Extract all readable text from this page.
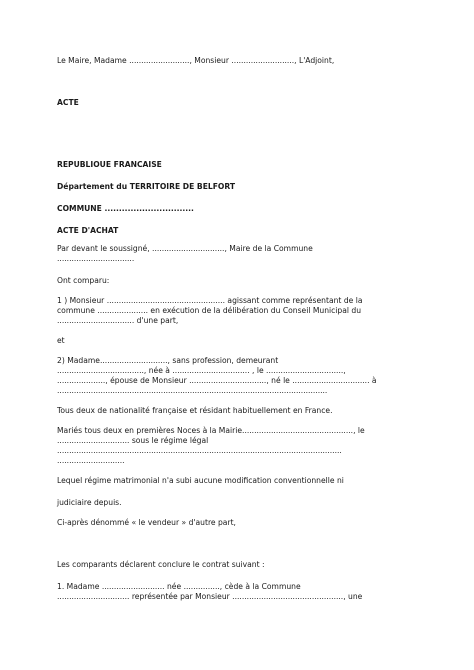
Le Maire, Madame ........................., Monsieur .........................., L'Adjoint,

ACTE

REPUBLIOUE FRANCAISE

Département du TERRITOIRE DE BELFORT

COMMUNE ...............................

ACTE D'ACHAT

Par devant le soussigné, .............................., Maire de la Commune
................................

Ont comparu:

1 ) Monsieur ................................................. agissant comme représentant de la
commune ..................... en exécution de la délibération du Conseil Municipal du
................................ d'une part,

et

2) Madame............................, sans profession, demeurant
...................................., née à ................................ , le ................................,
...................., épouse de Monsieur ................................, né le ................................ à
................................................................................................................

Tous deux de nationalité française et résidant habituellement en France.

Mariés tous deux en premières Noces à la Mairie.............................................., le
.............................. sous le régime légal
......................................................................................................................
............................

Lequel régime matrimonial n'a subi aucune modification conventionnelle ni

judiciaire depuis.

Ci-après dénommé « le vendeur » d'autre part,

Les comparants déclarent conclure le contrat suivant :

1. Madame .......................... née ..............., cède à la Commune
.............................. représentée par Monsieur .............................................., une
